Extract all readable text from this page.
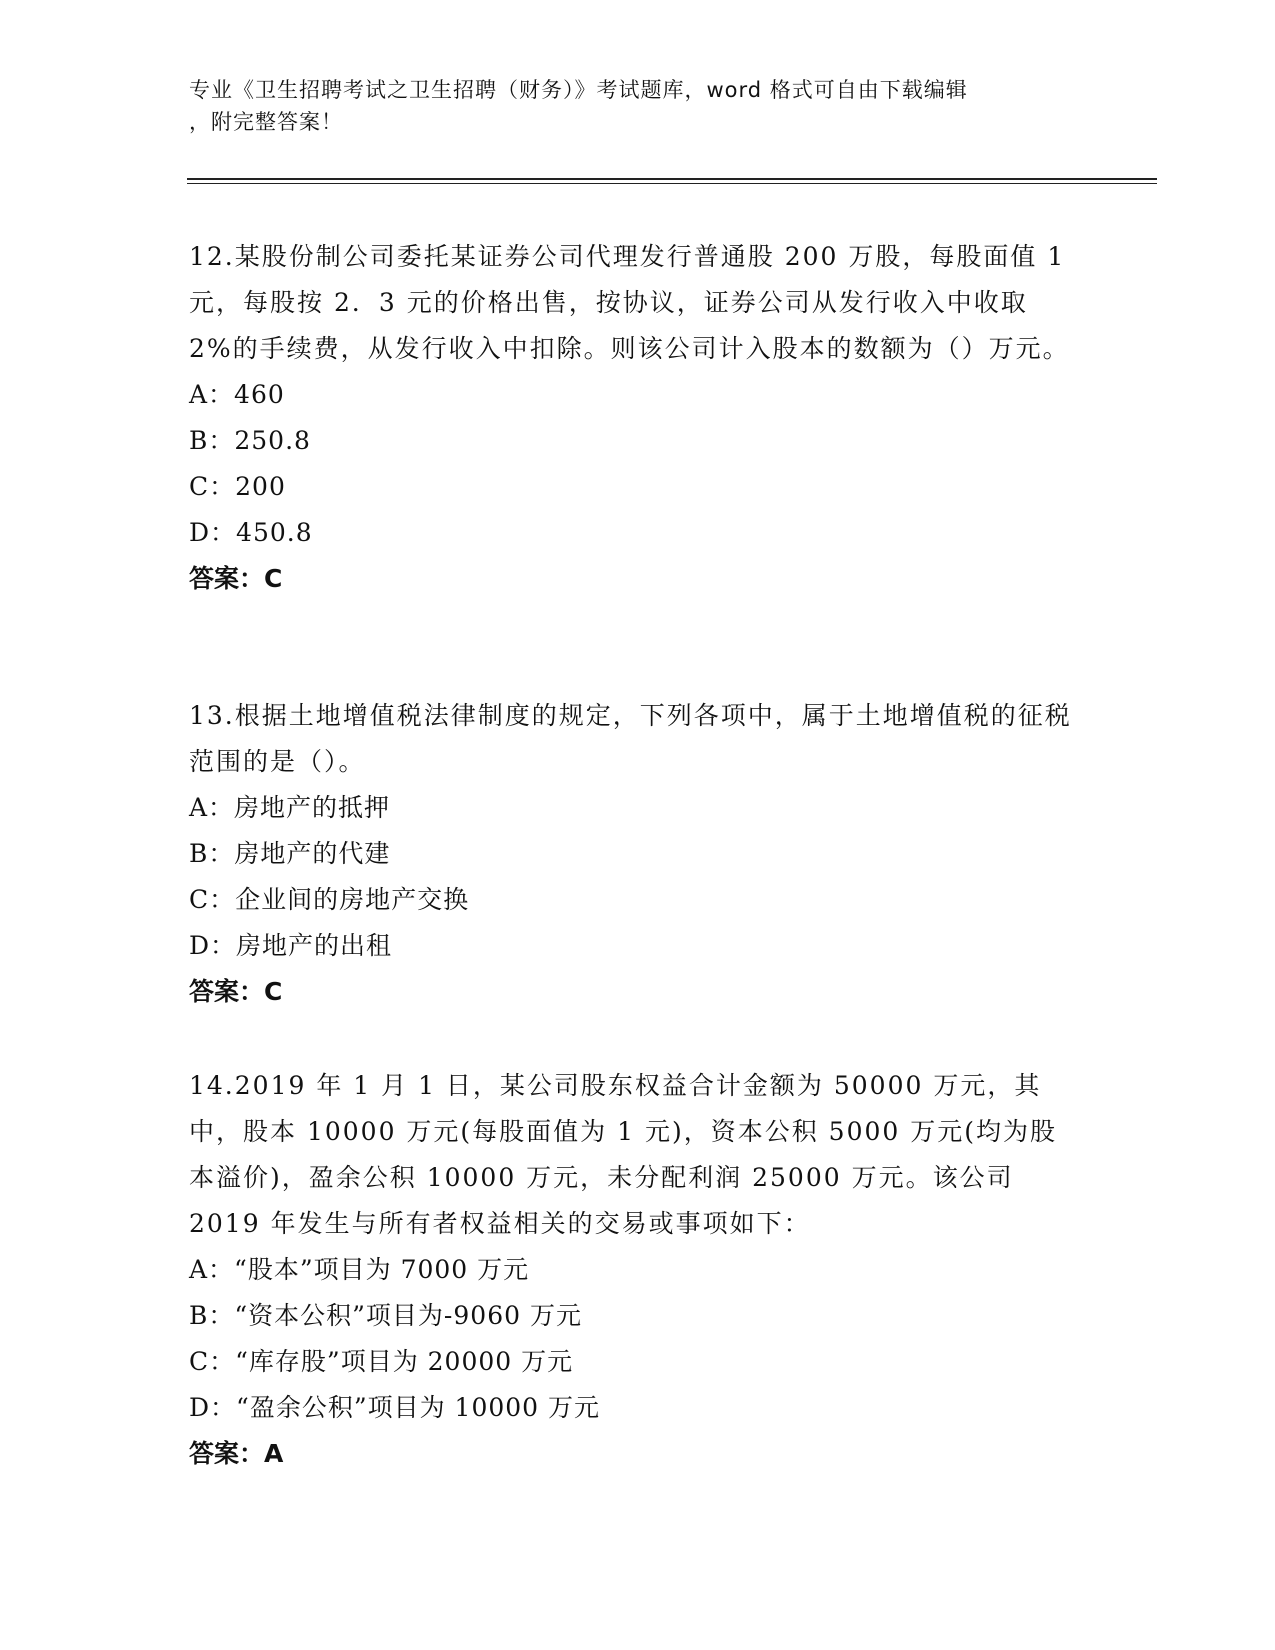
专业《卫生招聘考试之卫生招聘（财务）》考试题库，word 格式可自由下载编辑
，附完整答案！

12.某股份制公司委托某证券公司代理发行普通股 200 万股，每股面值 1 元，每股按 2．3 元的价格出售，按协议，证券公司从发行收入中收取 2%的手续费，从发行收入中扣除。则该公司计入股本的数额为（）万元。

A：460

B：250.8

C：200

D：450.8

答案：C

13.根据土地增值税法律制度的规定，下列各项中，属于土地增值税的征税范围的是（）。

A：房地产的抵押

B：房地产的代建

C：企业间的房地产交换

D：房地产的出租

答案：C

14.2019 年 1 月 1 日，某公司股东权益合计金额为 50000 万元，其中，股本 10000 万元(每股面值为 1 元)，资本公积 5000 万元(均为股本溢价)，盈余公积 10000 万元，未分配利润 25000 万元。该公司 2019 年发生与所有者权益相关的交易或事项如下：

A：“股本”项目为 7000 万元

B：“资本公积”项目为-9060 万元

C：“库存股”项目为 20000 万元

D：“盈余公积”项目为 10000 万元

答案：A
